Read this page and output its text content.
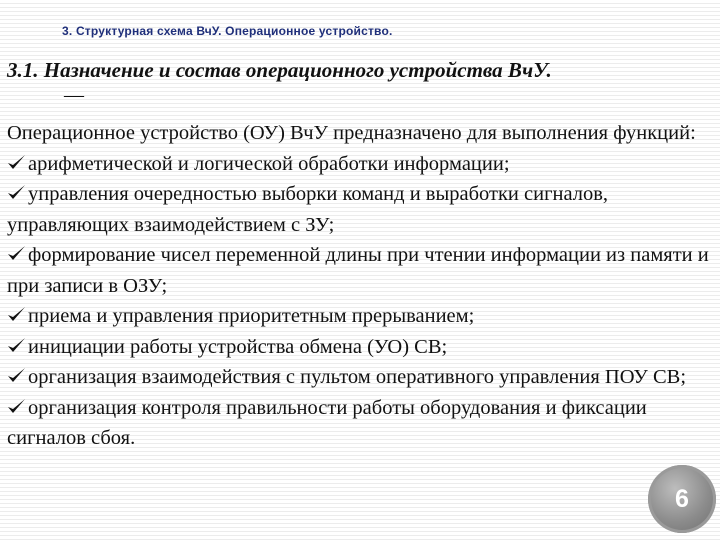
3. Структурная схема ВчУ. Операционное устройство.
3.1. Назначение и состав операционного устройства ВчУ.
—

Операционное устройство (ОУ) ВчУ предназначено для выполнения функций:

арифметической и логической обработки информации;

управления очередностью выборки команд и выработки сигналов, управляющих взаимодействием с ЗУ;

формирование чисел переменной длины при чтении информации из памяти и при записи в ОЗУ;

приема и управления приоритетным прерыванием;

инициации работы устройства обмена (УО) СВ;

организация взаимодействия с пультом оперативного управления ПОУ СВ;

организация контроля правильности работы оборудования и фиксации сигналов сбоя.

6
